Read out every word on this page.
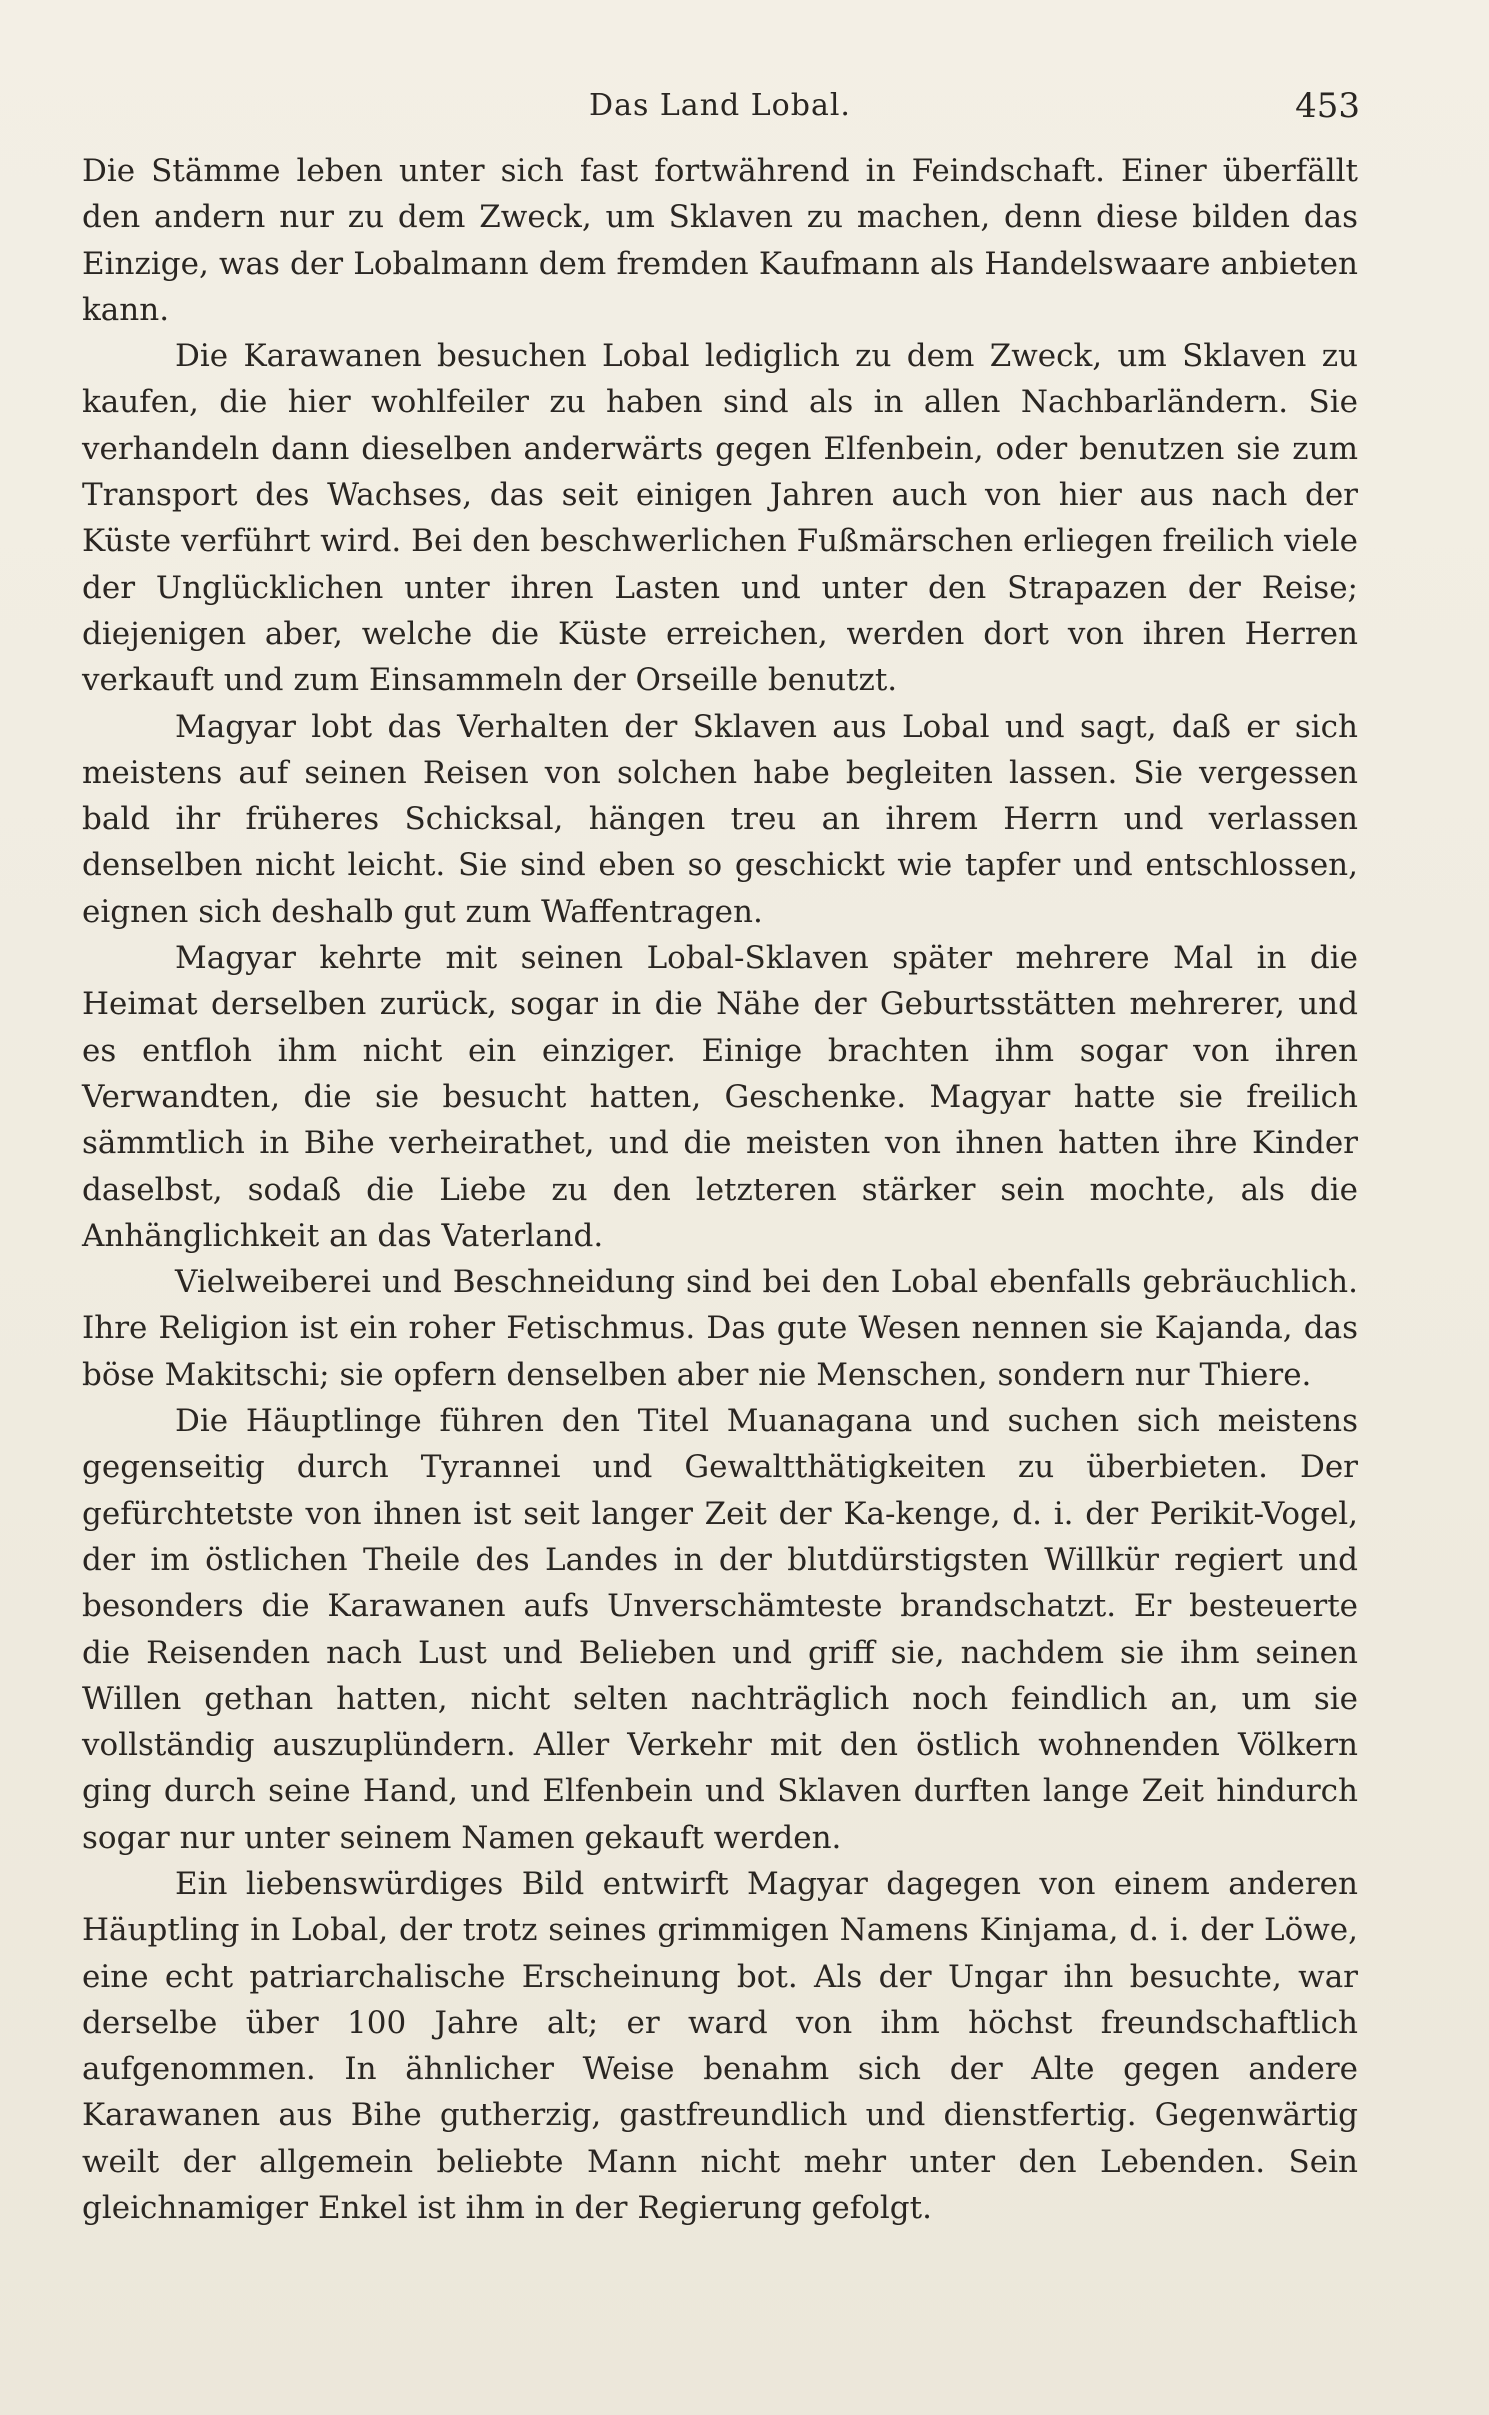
Das Land Lobal.	453

Die Stämme leben unter sich fast fortwährend in Feindschaft. Einer überfällt den andern nur zu dem Zweck, um Sklaven zu machen, denn diese bilden das Einzige, was der Lobalmann dem fremden Kaufmann als Handelswaare anbieten kann.

Die Karawanen besuchen Lobal lediglich zu dem Zweck, um Sklaven zu kaufen, die hier wohlfeiler zu haben sind als in allen Nachbarländern. Sie verhandeln dann dieselben anderwärts gegen Elfenbein, oder benutzen sie zum Transport des Wachses, das seit einigen Jahren auch von hier aus nach der Küste verführt wird. Bei den beschwerlichen Fußmärschen erliegen freilich viele der Unglücklichen unter ihren Lasten und unter den Strapazen der Reise; diejenigen aber, welche die Küste erreichen, werden dort von ihren Herren verkauft und zum Einsammeln der Orseille benutzt.

Magyar lobt das Verhalten der Sklaven aus Lobal und sagt, daß er sich meistens auf seinen Reisen von solchen habe begleiten lassen. Sie vergessen bald ihr früheres Schicksal, hängen treu an ihrem Herrn und verlassen denselben nicht leicht. Sie sind eben so geschickt wie tapfer und entschlossen, eignen sich deshalb gut zum Waffentragen.

Magyar kehrte mit seinen Lobal-Sklaven später mehrere Mal in die Heimat derselben zurück, sogar in die Nähe der Geburtsstätten mehrerer, und es entfloh ihm nicht ein einziger. Einige brachten ihm sogar von ihren Verwandten, die sie besucht hatten, Geschenke. Magyar hatte sie freilich sämmtlich in Bihe verheirathet, und die meisten von ihnen hatten ihre Kinder daselbst, sodaß die Liebe zu den letzteren stärker sein mochte, als die Anhänglichkeit an das Vaterland.

Vielweiberei und Beschneidung sind bei den Lobal ebenfalls gebräuchlich. Ihre Religion ist ein roher Fetischmus. Das gute Wesen nennen sie Kajanda, das böse Makitschi; sie opfern denselben aber nie Menschen, sondern nur Thiere.

Die Häuptlinge führen den Titel Muanagana und suchen sich meistens gegenseitig durch Tyrannei und Gewaltthätigkeiten zu überbieten. Der gefürchtetste von ihnen ist seit langer Zeit der Ka-kenge, d. i. der Perikit-Vogel, der im östlichen Theile des Landes in der blutdürstigsten Willkür regiert und besonders die Karawanen aufs Unverschämteste brandschatzt. Er besteuerte die Reisenden nach Lust und Belieben und griff sie, nachdem sie ihm seinen Willen gethan hatten, nicht selten nachträglich noch feindlich an, um sie vollständig auszuplündern. Aller Verkehr mit den östlich wohnenden Völkern ging durch seine Hand, und Elfenbein und Sklaven durften lange Zeit hindurch sogar nur unter seinem Namen gekauft werden.

Ein liebenswürdiges Bild entwirft Magyar dagegen von einem anderen Häuptling in Lobal, der trotz seines grimmigen Namens Kinjama, d. i. der Löwe, eine echt patriarchalische Erscheinung bot. Als der Ungar ihn besuchte, war derselbe über 100 Jahre alt; er ward von ihm höchst freundschaftlich aufgenommen. In ähnlicher Weise benahm sich der Alte gegen andere Karawanen aus Bihe gutherzig, gastfreundlich und dienstfertig. Gegenwärtig weilt der allgemein beliebte Mann nicht mehr unter den Lebenden. Sein gleichnamiger Enkel ist ihm in der Regierung gefolgt.
